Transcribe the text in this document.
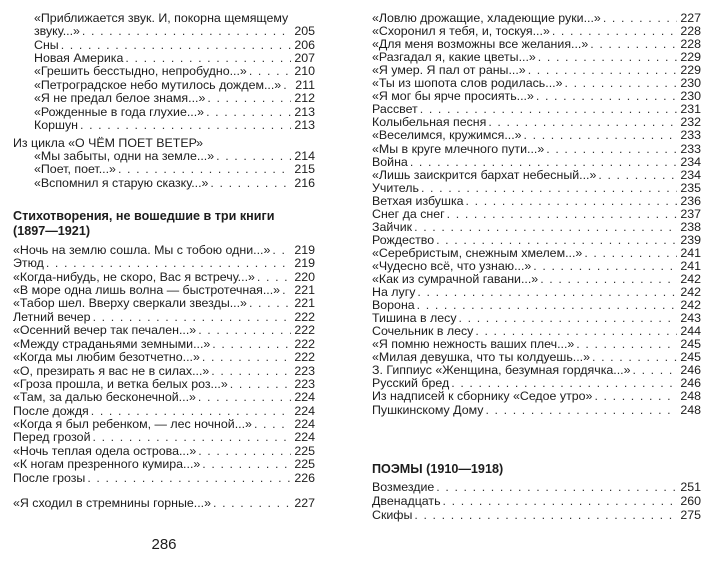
«Приближается звук. И, покорна щемящему
звуку...» . . .	205
Сны . . .	206
Новая Америка . . .	207
«Грешить бесстыдно, непробудно...» . . .	210
«Петроградское небо мутилось дождем...» . . . 211
«Я не предал белое знамя...» . . .	212
«Рожденные в года глухие...» . . .	213
Коршун . . .	213
Из цикла «О ЧЁМ ПОЕТ ВЕТЕР»
«Мы забыты, одни на земле...» . . .	214
«Поет, поет...» . . .	215
«Вспомнил я старую сказку...» . . .	216
Стихотворения, не вошедшие в три книги
(1897—1921)
«Ночь на землю сошла. Мы с тобою одни...» . . . 219
Этюд . . .	219
«Когда-нибудь, не скоро, Вас я встречу...» . . .	220
«В море одна лишь волна — быстротечная...» . . . 221
«Табор шел. Вверху сверкали звезды...» . . .	221
Летний вечер . . .	222
«Осенний вечер так печален...» . . .	222
«Между страданьями земными...» . . .	222
«Когда мы любим безотчетно...» . . .	222
«О, презирать я вас не в силах...» . . .	223
«Гроза прошла, и ветка белых роз...» . . .	223
«Там, за далью бесконечной...» . . .	224
После дождя . . .	224
«Когда я был ребенком, — лес ночной...» . . .	224
Перед грозой . . .	224
«Ночь теплая одела острова...» . . .	225
«К ногам презренного кумира...» . . .	225
После грозы . . .	226
«Ловлю дрожащие, хладеющие руки...» . . .	227
«Схоронил я тебя, и, тоскуя...» . . .	228
«Для меня возможны все желания...» . . .	228
«Разгадал я, какие цветы...» . . .	229
«Я умер. Я пал от раны...» . . .	229
«Ты из шопота слов родилась...» . . .	230
«Я мог бы ярче просиять...» . . .	230
Рассвет . . .	231
Колыбельная песня . . .	232
«Веселимся, кружимся...» . . .	233
«Мы в круге млечного пути...» . . .	233
Война . . .	234
«Лишь заискрится бархат небесный...» . . .	234
Учитель . . .	235
Ветхая избушка . . .	236
Снег да снег . . .	237
Зайчик . . .	238
Рождество . . .	239
«Серебристым, снежным хмелем...» . . .	241
«Чудесно всё, что узнаю...» . . .	241
«Как из сумрачной гавани...» . . .	242
На лугу . . .	242
Ворона . . .	242
Тишина в лесу . . .	243
Сочельник в лесу . . .	244
«Я помню нежность ваших плеч...» . . .	245
«Милая девушка, что ты колдуешь...» . . .	245
З. Гиппиус «Женщина, безумная гордячка...» . . .	246
Русский бред . . .	246
Из надписей к сборнику «Седое утро» . . .	248
Пушкинскому Дому . . .	248
«Я сходил в стремнины горные...» . . .	227
286
ПОЭМЫ (1910—1918)
Возмездие . . .	251
Двенадцать . . .	260
Скифы . . .	275
